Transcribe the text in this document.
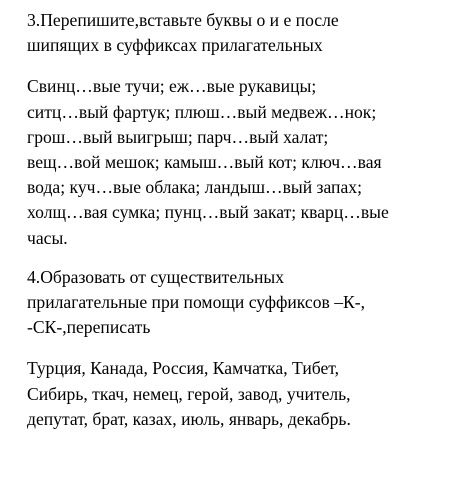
3.Перепишите,вставьте буквы о и е после
шипящих в суффиксах прилагательных
Свинц…вые тучи; еж…вые рукавицы;
ситц…вый фартук; плюш…вый медвеж…нок;
грош…вый выигрыш; парч…вый халат;
вещ…вой мешок; камыш…вый кот; ключ…вая
вода; куч…вые облака; ландыш…вый запах;
холщ…вая сумка; пунц…вый закат; кварц…вые
часы.
4.Образовать от существительных
прилагательные при помощи суффиксов –К-,
-СК-,переписать
Турция, Канада, Россия, Камчатка, Тибет,
Сибирь, ткач, немец, герой, завод, учитель,
депутат, брат, казах, июль, январь, декабрь.
